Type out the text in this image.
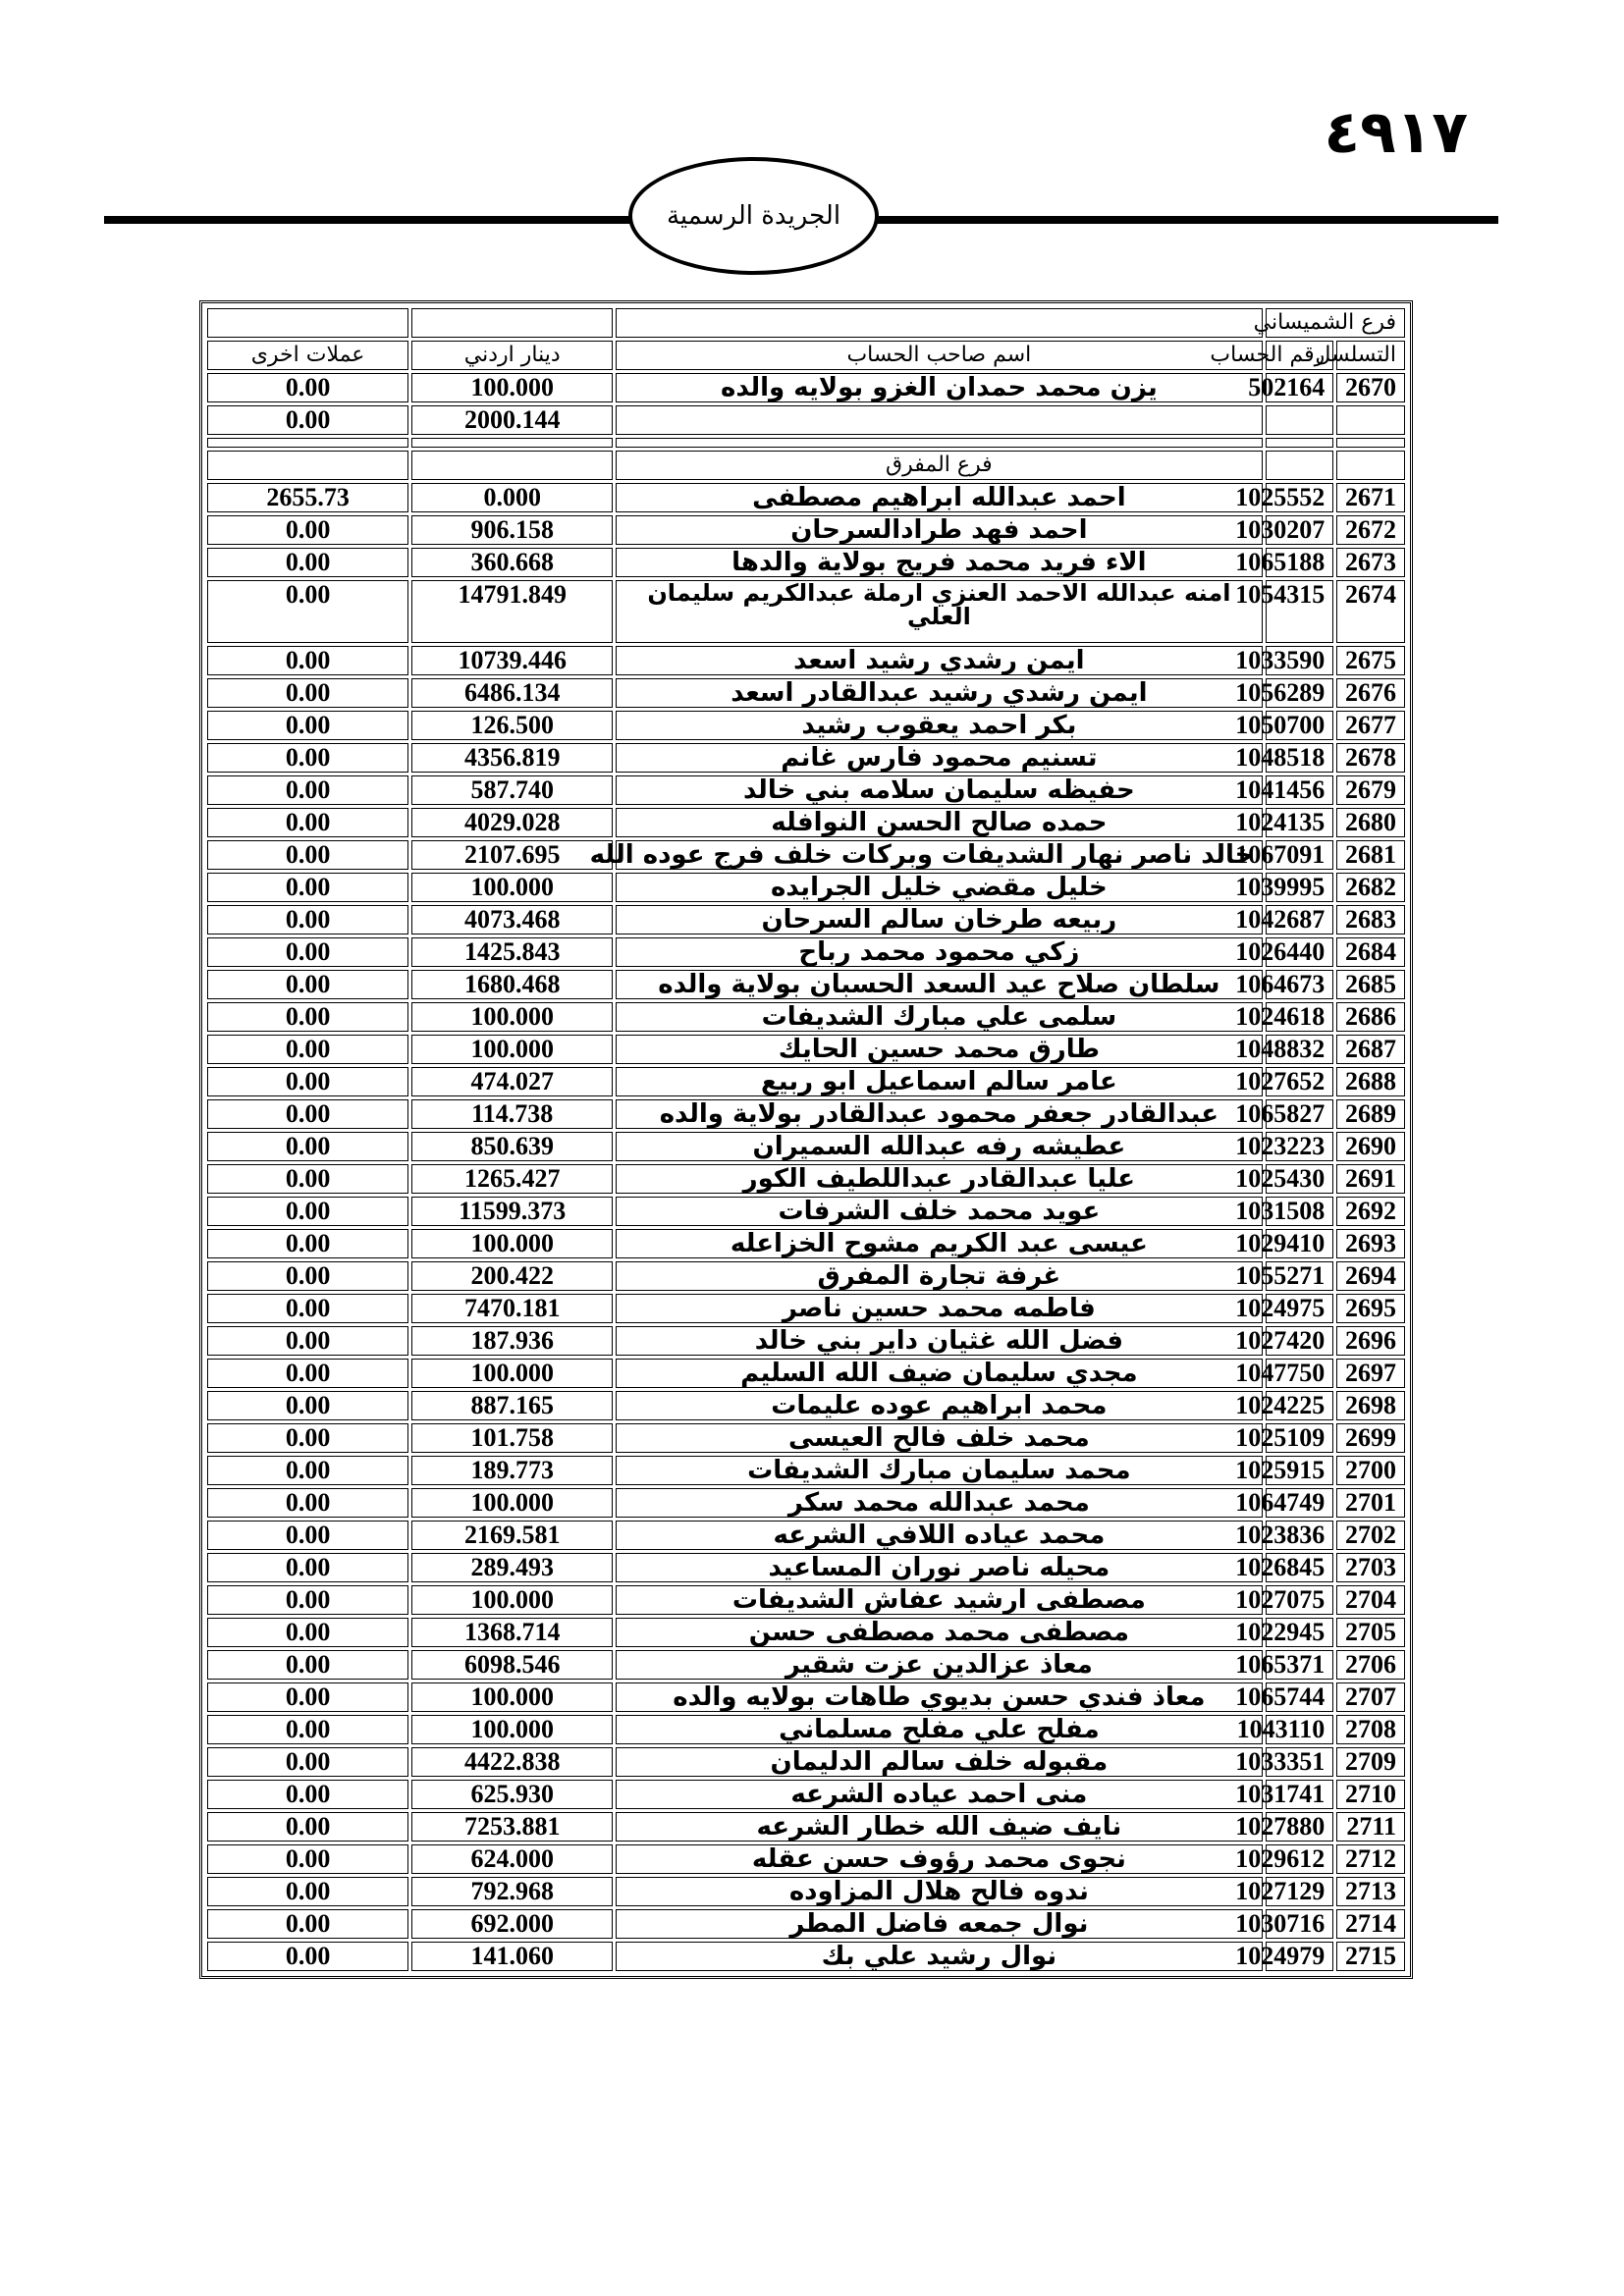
٤٩١٧
الجريدة الرسمية
فرع الشميساني				
التسلسل	رقم الحساب	اسم صاحب الحساب	دينار اردني	عملات اخرى
2670	502164	يزن محمد حمدان الغزو بولايه والده	100.000	0.00
			2000.144	0.00

		فرع المفرق		
2671	1025552	احمد عبدالله ابراهيم مصطفى	0.000	2655.73
2672	1030207	احمد فهد طرادالسرحان	906.158	0.00
2673	1065188	الاء فريد محمد فريج بولاية والدها	360.668	0.00
2674	1054315	امنه عبدالله الاحمد العنزي ارملة عبدالكريم سليمان العلي	14791.849	0.00
2675	1033590	ايمن رشدي رشيد اسعد	10739.446	0.00
2676	1056289	ايمن رشدي رشيد عبدالقادر اسعد	6486.134	0.00
2677	1050700	بكر احمد يعقوب رشيد	126.500	0.00
2678	1048518	تسنيم محمود فارس غانم	4356.819	0.00
2679	1041456	حفيظه سليمان سلامه بني خالد	587.740	0.00
2680	1024135	حمده صالح الحسن النوافله	4029.028	0.00
2681	1067091	خالد ناصر نهار الشديفات وبركات خلف فرج عوده الله	2107.695	0.00
2682	1039995	خليل مقضي خليل الجرايده	100.000	0.00
2683	1042687	ربيعه طرخان سالم السرحان	4073.468	0.00
2684	1026440	زكي محمود محمد رباح	1425.843	0.00
2685	1064673	سلطان صلاح عيد السعد الحسبان بولاية والده	1680.468	0.00
2686	1024618	سلمى علي مبارك الشديفات	100.000	0.00
2687	1048832	طارق محمد حسين الحايك	100.000	0.00
2688	1027652	عامر سالم اسماعيل ابو ربيع	474.027	0.00
2689	1065827	عبدالقادر جعفر محمود عبدالقادر بولاية والده	114.738	0.00
2690	1023223	عطيشه رفه عبدالله السميران	850.639	0.00
2691	1025430	عليا عبدالقادر عبداللطيف الكور	1265.427	0.00
2692	1031508	عويد محمد خلف الشرفات	11599.373	0.00
2693	1029410	عيسى عبد الكريم مشوح الخزاعله	100.000	0.00
2694	1055271	غرفة تجارة المفرق	200.422	0.00
2695	1024975	فاطمه محمد حسين ناصر	7470.181	0.00
2696	1027420	فضل الله غثيان داير بني خالد	187.936	0.00
2697	1047750	مجدي سليمان ضيف الله السليم	100.000	0.00
2698	1024225	محمد ابراهيم عوده عليمات	887.165	0.00
2699	1025109	محمد خلف فالح العيسى	101.758	0.00
2700	1025915	محمد سليمان مبارك الشديفات	189.773	0.00
2701	1064749	محمد عبدالله محمد سكر	100.000	0.00
2702	1023836	محمد عياده اللافي الشرعه	2169.581	0.00
2703	1026845	محيله ناصر نوران المساعيد	289.493	0.00
2704	1027075	مصطفى ارشيد عفاش الشديفات	100.000	0.00
2705	1022945	مصطفى محمد مصطفى حسن	1368.714	0.00
2706	1065371	معاذ عزالدين عزت شقير	6098.546	0.00
2707	1065744	معاذ فندي حسن بديوي طاهات بولايه والده	100.000	0.00
2708	1043110	مفلح علي مفلح مسلماني	100.000	0.00
2709	1033351	مقبوله خلف سالم الدليمان	4422.838	0.00
2710	1031741	منى احمد عياده الشرعه	625.930	0.00
2711	1027880	نايف ضيف الله خطار الشرعه	7253.881	0.00
2712	1029612	نجوى محمد رؤوف حسن عقله	624.000	0.00
2713	1027129	ندوه فالح هلال المزاوده	792.968	0.00
2714	1030716	نوال جمعه فاضل المطر	692.000	0.00
2715	1024979	نوال رشيد علي بك	141.060	0.00
